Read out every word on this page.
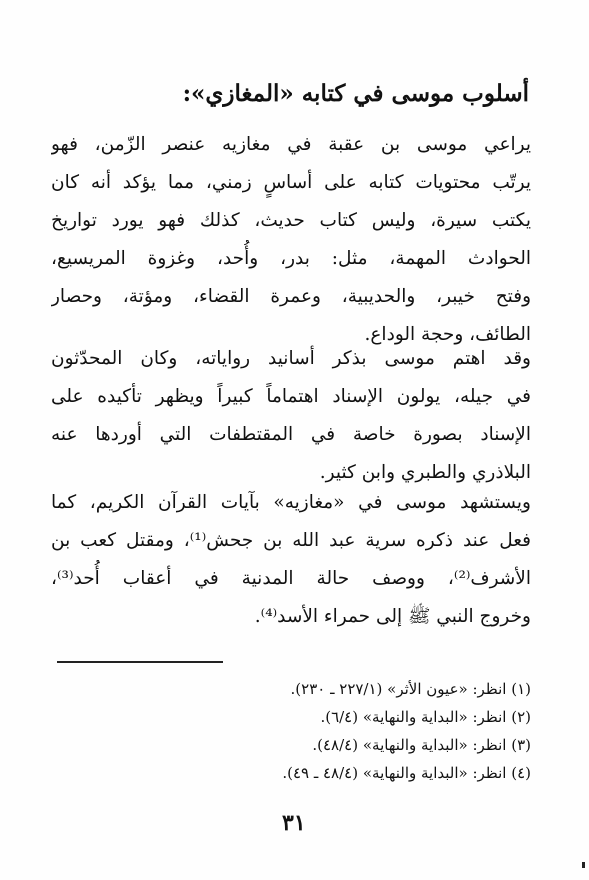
أسلوب موسى في كتابه «المغازي»:
يراعي موسى بن عقبة في مغازيه عنصر الزّمن، فهو
يرتّب محتويات كتابه على أساسٍ زمني، مما يؤكد أنه كان
يكتب سيرة، وليس كتاب حديث، كذلك فهو يورد تواريخ
الحوادث المهمة، مثل: بدر، وأُحد، وغزوة المريسيع،
وفتح خيبر، والحديبية، وعمرة القضاء، ومؤتة، وحصار
الطائف، وحجة الوداع.
وقد اهتم موسى بذكر أسانيد رواياته، وكان المحدّثون
في جيله، يولون الإسناد اهتماماً كبيراً ويظهر تأكيده على
الإسناد بصورة خاصة في المقتطفات التي أوردها عنه
البلاذري والطبري وابن كثير.
ويستشهد موسى في «مغازيه» بآيات القرآن الكريم، كما
فعل عند ذكره سرية عبد الله بن جحش⁽¹⁾، ومقتل كعب بن
الأشرف⁽²⁾، ووصف حالة المدنية في أعقاب أُحد⁽³⁾،
وخروج النبي ﷺ إلى حمراء الأسد⁽⁴⁾.
(١) انظر: «عيون الأثر» (٢٢٧/١ ـ ٢٣٠).
(٢) انظر: «البداية والنهاية» (٦/٤).
(٣) انظر: «البداية والنهاية» (٤٨/٤).
(٤) انظر: «البداية والنهاية» (٤٨/٤ ـ ٤٩).
٣١
